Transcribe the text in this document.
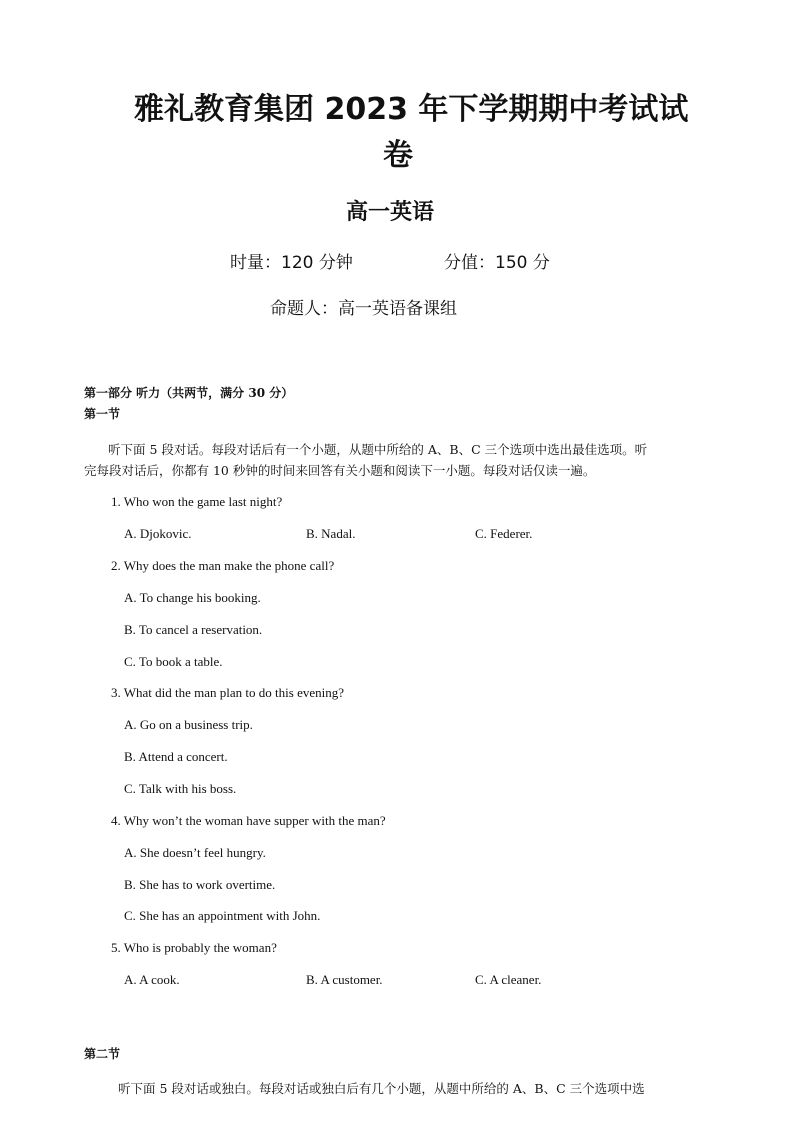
雅礼教育集团 2023 年下学期期中考试试
卷
高一英语
时量：120 分钟	分值：150 分
命题人：高一英语备课组
第一部分 听力（共两节，满分 30 分）
第一节
听下面 5 段对话。每段对话后有一个小题，从题中所给的 A、B、C 三个选项中选出最佳选项。听
完每段对话后，你都有 10 秒钟的时间来回答有关小题和阅读下一小题。每段对话仅读一遍。
1. Who won the game last night?
A. Djokovic.	B. Nadal.	C. Federer.
2. Why does the man make the phone call?
A. To change his booking.
B. To cancel a reservation.
C. To book a table.
3. What did the man plan to do this evening?
A. Go on a business trip.
B. Attend a concert.
C. Talk with his boss.
4. Why won’t the woman have supper with the man?
A. She doesn’t feel hungry.
B. She has to work overtime.
C. She has an appointment with John.
5. Who is probably the woman?
A. A cook.	B. A customer.	C. A cleaner.
第二节
听下面 5 段对话或独白。每段对话或独白后有几个小题，从题中所给的 A、B、C 三个选项中选
